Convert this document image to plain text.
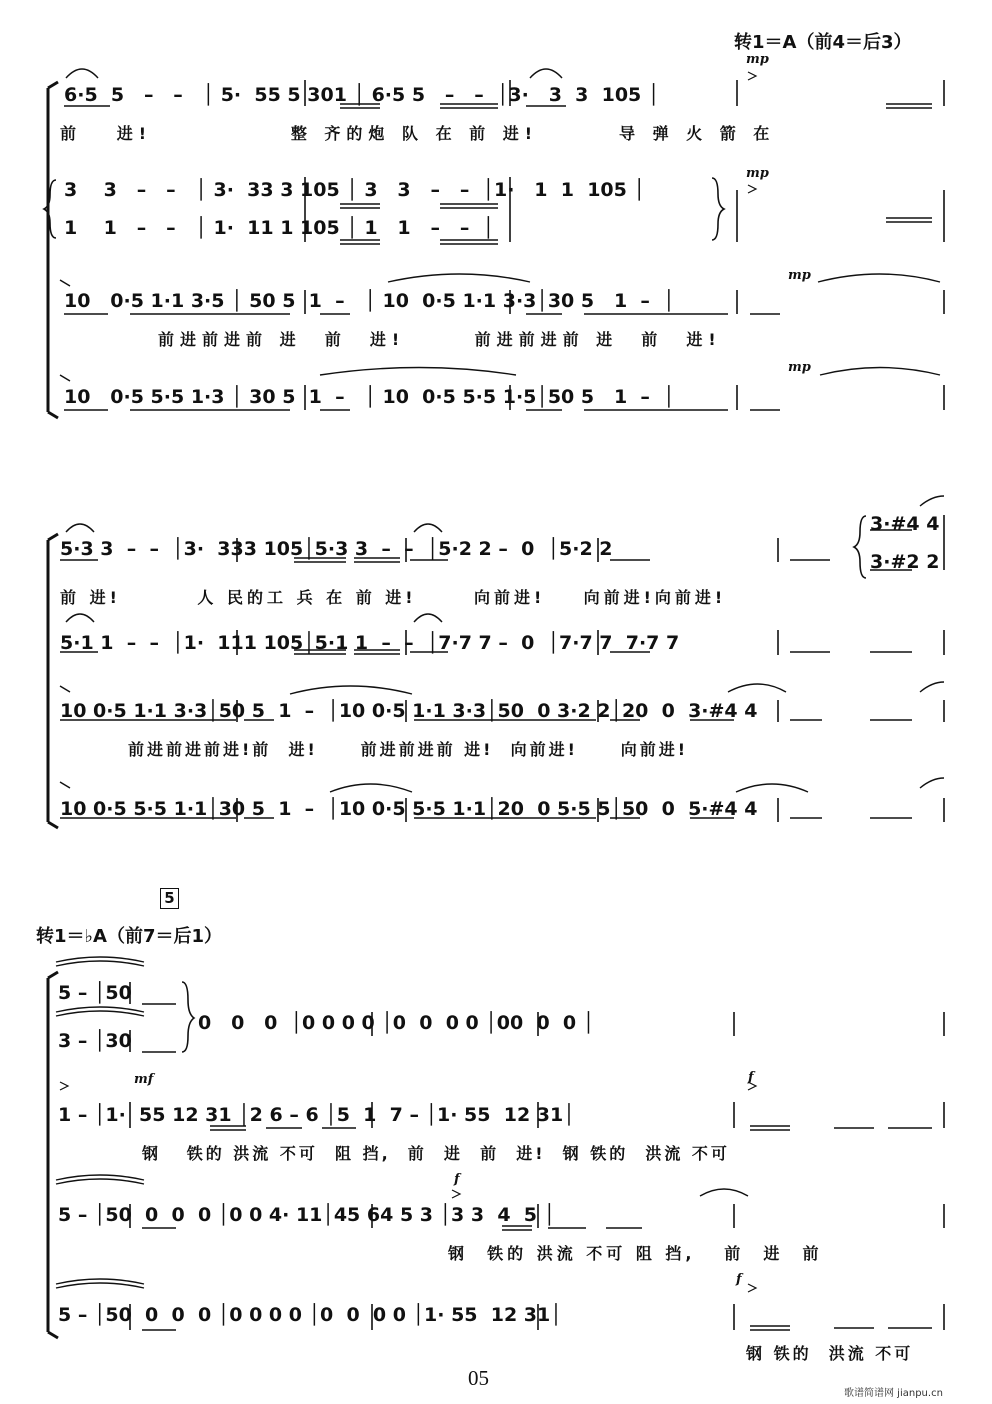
转1＝A（前4＝后3）
5
转1＝♭A（前7＝后1）
mp
mp
mp
mp
mf	f
f
f
6·5  5   –   –   │ 5·  55 5 301 │ 6·5 5   –   –  │3·   3  3  105 │
前   进!            整 齐的炮 队 在 前 进!       导 弹 火 箭 在
3    3   –   –   │ 3·  33 3 105 │ 3   3   –   –  │1·   1  1  105 │
1    1   –   –   │ 1·  11 1 105 │ 1   1   –   –  │
10   0·5 1·1 3·5 │ 50 5  1  –   │ 10  0·5 1·1 3·3│30 5   1  –  │
前进前进前 进  前  进!      前进前进前 进  前  进!
10   0·5 5·5 1·3 │ 30 5  1  –   │ 10  0·5 5·5 1·5│50 5   1  –  │
5·3 3  –  –  │3·  333 105│5·3 3  –  –  │5·2 2 –  0  │5·2 2
3·#4 4
3·#2 2
前 进!        人 民的工 兵 在 前 进!      向前进!    向前进!向前进!
5·1 1  –  –  │1·  111 105│5·1 1  –  –  │7·7 7 –  0  │7·7 7  7·7 7
10 0·5 1·1 3·3│50 5  1  –  │10 0·5 1·1 3·3│50  0 3·2 2│20  0  3·#4 4
前进前进前进!前  进!     前进前进前 进!  向前进!     向前进!
10 0·5 5·5 1·1│30 5  1  –  │10 0·5 5·5 1·1│20  0 5·5 5│50  0  5·#4 4
5 – │50
3 – │30
0   0   0  │0 0 0 0 │0  0  0 0 │00  0  0 │
1 – │1·  55 12 31 │2 6 – 6 │5  1  7 – │1· 55  12 31│
钢   铁的 洪流 不可  阻 挡,  前  进  前  进!  钢 铁的  洪流 不可
5 – │50  0  0  0 │0 0 4· 11│45 64 5 3 │3 3  4  5 │
钢  铁的 洪流 不可 阻 挡,   前  进  前
5 – │50  0  0  0 │0 0 0 0 │0  0  0 0 │1· 55  12 31│
钢 铁的  洪流 不可
05
歌谱简谱网 jianpu.cn
